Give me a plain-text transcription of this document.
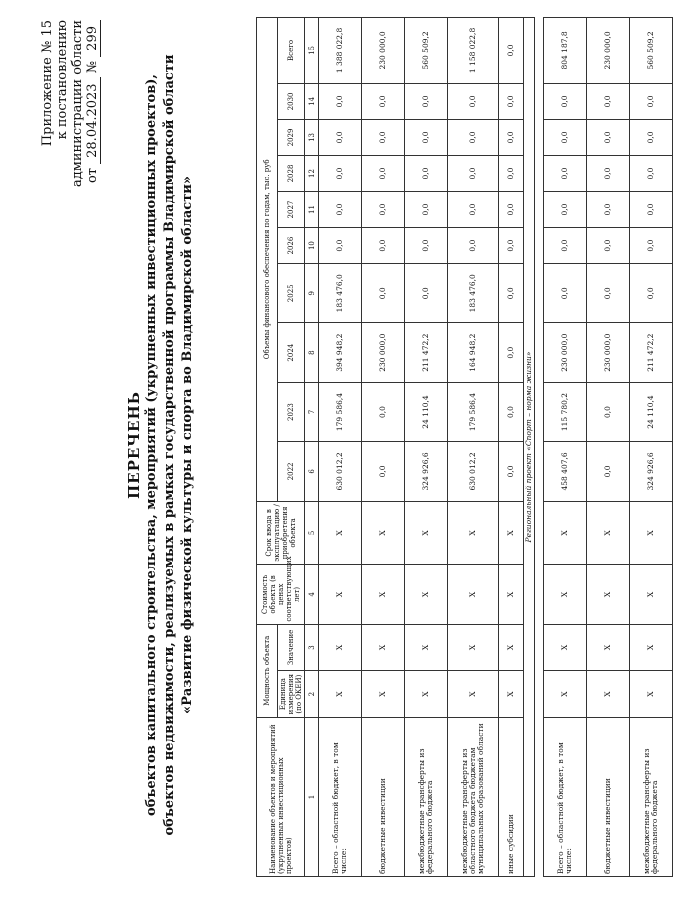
Приложение № 15 к постановлению администрации области от 28.04.2023 № 299
ПЕРЕЧЕНЬ объектов капитального строительства, мероприятий (укрупненных инвестиционных проектов), объектов недвижимости, реализуемых в рамках государственной программы Владимирской области «Развитие физической культуры и спорта во Владимирской области»
Наименование объектов и мероприятий (укрупненных инвестиционных проектов)	Мощность объекта		Стоимость объекта (в ценах соответствующих лет)	Срок ввода в эксплуатацию / приобретения объекта	Объемы финансового обеспечения по годам, тыс. руб									
	Единица измерения (по ОКЕИ)	Значение			2022	2023	2024	2025	2026	2027	2028	2029	2030	Всего
1	2	3	4	5	6	7	8	9	10	11	12	13	14	15
Всего – областной бюджет, в том числе:	Х	Х	Х	Х	630 012,2	179 586,4	394 948,2	183 476,0	0,0	0,0	0,0	0,0	0,0	1 388 022,8
бюджетные инвестиции	Х	Х	Х	Х	0,0	0,0	230 000,0	0,0	0,0	0,0	0,0	0,0	0,0	230 000,0
межбюджетные трансферты из федерального бюджета	Х	Х	Х	Х	324 926,6	24 110,4	211 472,2	0,0	0,0	0,0	0,0	0,0	0,0	560 509,2
межбюджетные трансферты из областного бюджета бюджетам муниципальных образований области	Х	Х	Х	Х	630 012,2	179 586,4	164 948,2	183 476,0	0,0	0,0	0,0	0,0	0,0	1 158 022,8
иные субсидии	Х	Х	Х	Х	0,0	0,0	0,0	0,0	0,0	0,0	0,0	0,0	0,0	0,0
Региональный проект «Спорт – норма жизни»														

Всего – областной бюджет, в том числе:	Х	Х	Х	Х	458 407,6	115 780,2	230 000,0	0,0	0,0	0,0	0,0	0,0	0,0	804 187,8
бюджетные инвестиции	Х	Х	Х	Х	0,0	0,0	230 000,0	0,0	0,0	0,0	0,0	0,0	0,0	230 000,0
межбюджетные трансферты из федерального бюджета	Х	Х	Х	Х	324 926,6	24 110,4	211 472,2	0,0	0,0	0,0	0,0	0,0	0,0	560 509,2
